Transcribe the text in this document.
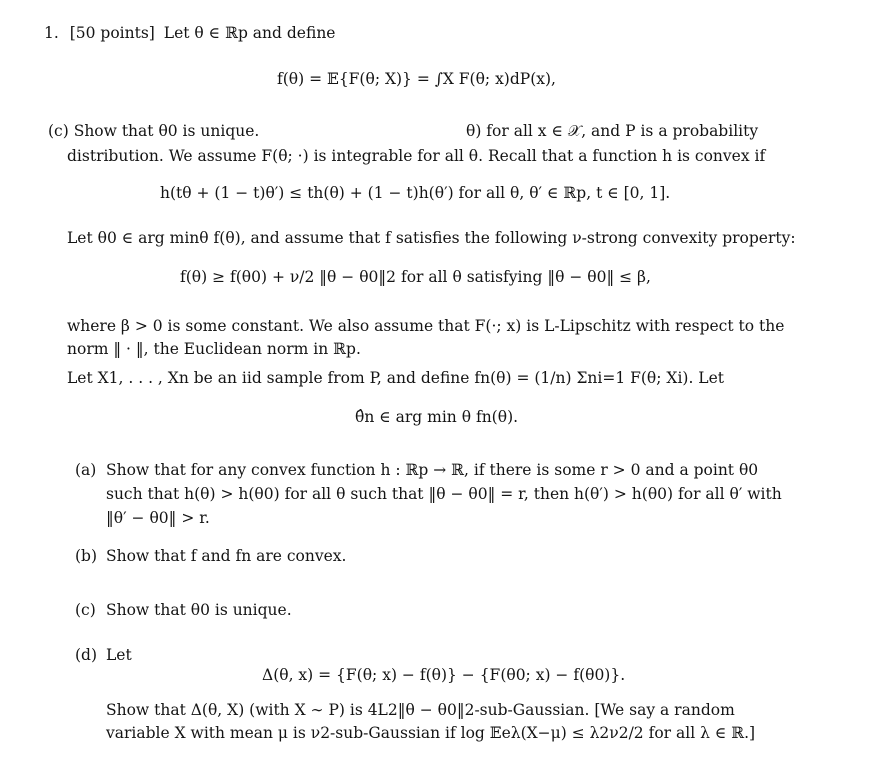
1. [50 points] Let θ ∈ ℝp and define
f(θ) = 𝔼{F(θ; X)} = ∫X F(θ; x)dP(x),
(c) Show that θ0 is unique.	θ) for all x ∈ 𝒳, and P is a probability
distribution. We assume F(θ; ·) is integrable for all θ. Recall that a function h is convex if
h(tθ + (1 − t)θ′) ≤ th(θ) + (1 − t)h(θ′) for all θ, θ′ ∈ ℝp, t ∈ [0, 1].
Let θ0 ∈ arg minθ f(θ), and assume that f satisfies the following ν-strong convexity property:
f(θ) ≥ f(θ0) + ν/2 ‖θ − θ0‖2 for all θ satisfying ‖θ − θ0‖ ≤ β,
where β > 0 is some constant. We also assume that F(·; x) is L-Lipschitz with respect to the
norm ‖ · ‖, the Euclidean norm in ℝp.
Let X1, . . . , Xn be an iid sample from P, and define fn(θ) = (1/n) Σni=1 F(θ; Xi). Let
θ̂n ∈ arg min θ fn(θ).
(a) Show that for any convex function h : ℝp → ℝ, if there is some r > 0 and a point θ0
such that h(θ) > h(θ0) for all θ such that ‖θ − θ0‖ = r, then h(θ′) > h(θ0) for all θ′ with
‖θ′ − θ0‖ > r.
(b) Show that f and fn are convex.
(c) Show that θ0 is unique.
(d) Let
Δ(θ, x) = {F(θ; x) − f(θ)} − {F(θ0; x) − f(θ0)}.
Show that Δ(θ, X) (with X ∼ P) is 4L2‖θ − θ0‖2-sub-Gaussian. [We say a random
variable X with mean μ is ν2-sub-Gaussian if log 𝔼eλ(X−μ) ≤ λ2ν2/2 for all λ ∈ ℝ.]
